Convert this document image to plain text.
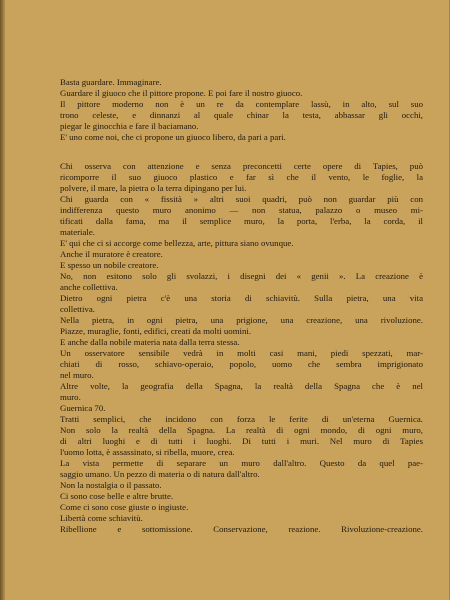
Basta guardare. Immaginare.
Guardare il giuoco che il pittore propone. E poi fare il nostro giuoco.
Il pittore moderno non è un re da contemplare lassù, in alto, sul suo
trono celeste, e dinnanzi al quale chinar la testa, abbassar gli occhi,
piegar le ginocchia e fare il baciamano.
E' uno come noi, che ci propone un giuoco libero, da pari a pari.
Chi osserva con attenzione e senza preconcetti certe opere di Tapies, può
ricomporre il suo giuoco plastico e far sì che il vento, le foglie, la
polvere, il mare, la pietra o la terra dipingano per lui.
Chi guarda con « fissità » altri suoi quadri, può non guardar più con
indifferenza questo muro anonimo — non statua, palazzo o museo mi-
tificati dalla fama, ma il semplice muro, la porta, l'erba, la corda, il
materiale.
E' qui che ci si accorge come bellezza, arte, pittura siano ovunque.
Anche il muratore è creatore.
E spesso un nobile creatore.
No, non esitono solo gli svolazzi, i disegni dei « genii ». La creazione è
anche collettiva.
Dietro ogni pietra c'è una storia di schiavitù. Sulla pietra, una vita
collettiva.
Nella pietra, in ogni pietra, una prigione, una creazione, una rivoluzione.
Piazze, muraglie, fonti, edifici, creati da molti uomini.
E anche dalla nobile materia nata dalla terra stessa.
Un osservatore sensibile vedrà in molti casi mani, piedi spezzati, mar-
chiati di rosso, schiavo-operaio, popolo, uomo che sembra imprigionato
nel muro.
Altre volte, la geografia della Spagna, la realtà della Spagna che è nel
muro.
Guernica 70.
Tratti semplici, che incidono con forza le ferite di un'eterna Guernica.
Non solo la realtà della Spagna. La realtà di ogni mondo, di ogni muro,
di altri luoghi e di tutti i luoghi. Di tutti i muri. Nel muro di Tapies
l'uomo lotta, è assassinato, si ribella, muore, crea.
La vista permette di separare un muro dall'altro. Questo da quel pae-
saggio umano. Un pezzo di materia o di natura dall'altro.
Non la nostalgia o il passato.
Ci sono cose belle e altre brutte.
Come ci sono cose giuste o ingiuste.
Libertà come schiavitù.
Ribellione e sottomissione. Conservazione, reazione. Rivoluzione-creazione.
